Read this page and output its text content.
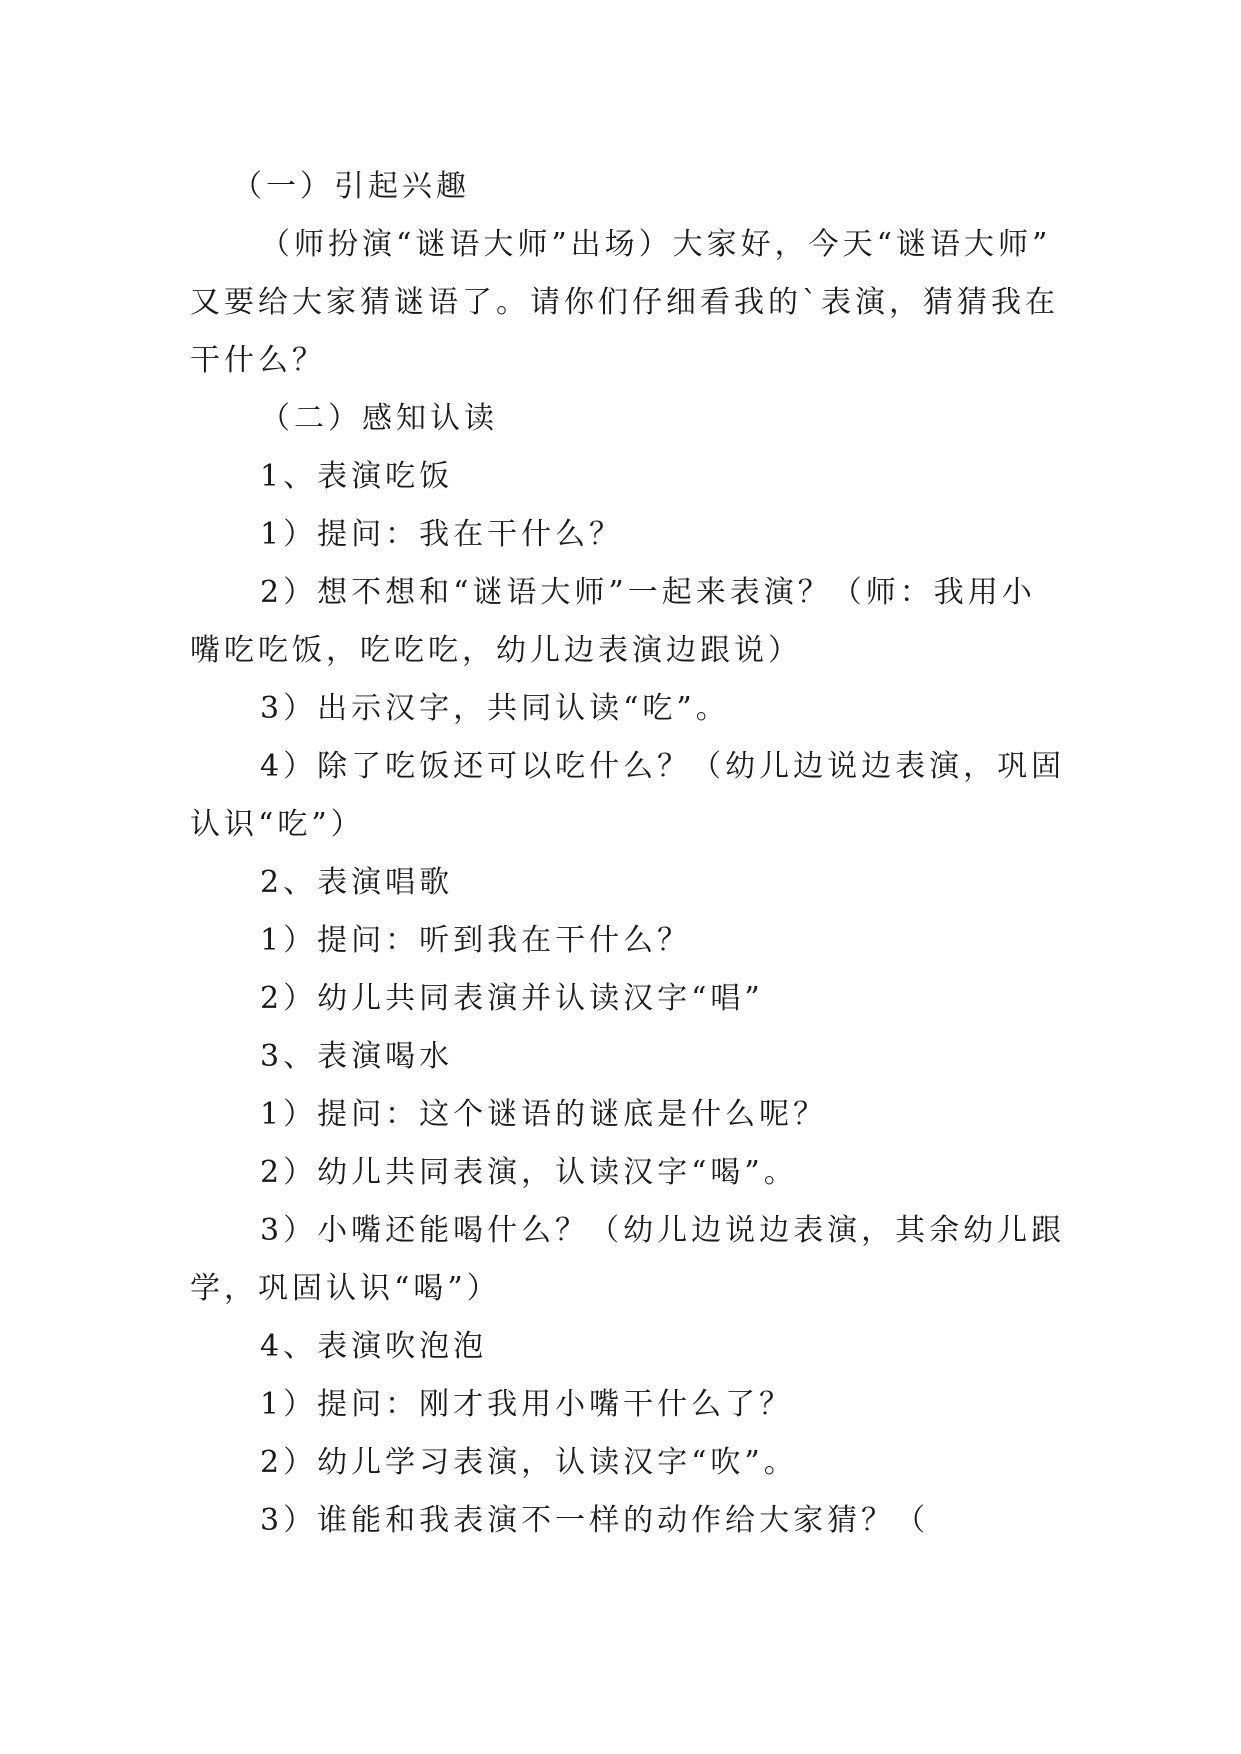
（一）引起兴趣

（师扮演“谜语大师”出场）大家好，今天“谜语大师”

又要给大家猜谜语了。请你们仔细看我的`表演，猜猜我在

干什么？

（二）感知认读

1、表演吃饭

1）提问：我在干什么？

2）想不想和“谜语大师”一起来表演？（师：我用小

嘴吃吃饭，吃吃吃，幼儿边表演边跟说）

3）出示汉字，共同认读“吃”。

4）除了吃饭还可以吃什么？（幼儿边说边表演，巩固

认识“吃”）

2、表演唱歌

1）提问：听到我在干什么？

2）幼儿共同表演并认读汉字“唱”

3、表演喝水

1）提问：这个谜语的谜底是什么呢？

2）幼儿共同表演，认读汉字“喝”。

3）小嘴还能喝什么？（幼儿边说边表演，其余幼儿跟

学，巩固认识“喝”）

4、表演吹泡泡

1）提问：刚才我用小嘴干什么了？

2）幼儿学习表演，认读汉字“吹”。

3）谁能和我表演不一样的动作给大家猜？（
